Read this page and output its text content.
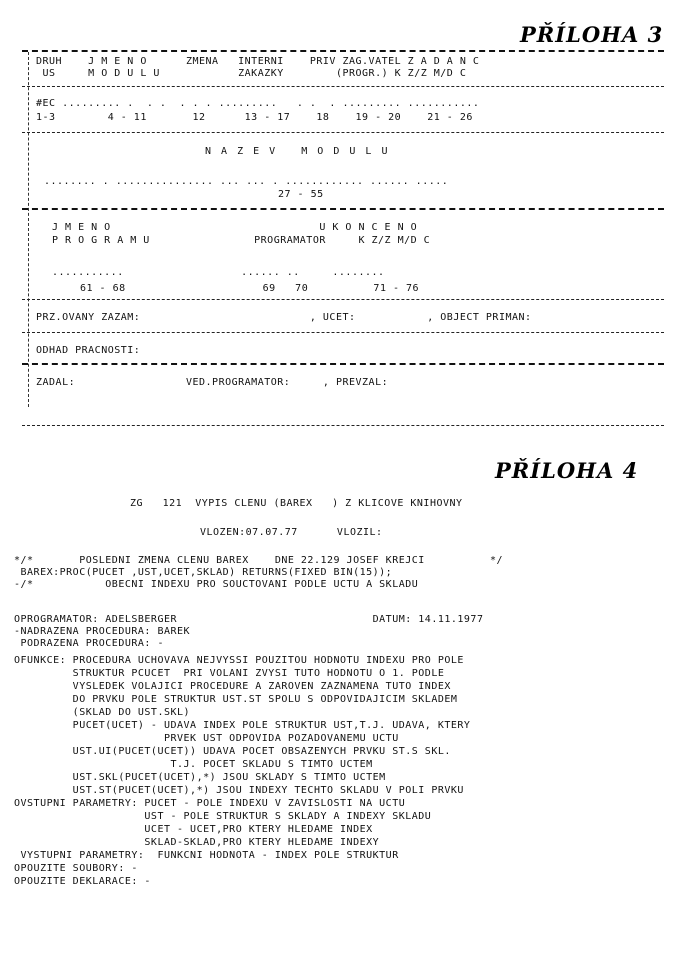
PŘÍLOHA 3
DRUH    J M E N O      ZMENA   INTERNI    PRIV ZAG.VATEL Z A D A N C
US     M O D U L U            ZAKAZKY        (PROGR.) K Z/Z M/D C
#EC ......... .  . .  . . . .........   . .  . ......... ...........
1-3        4 - 11       12      13 - 17    18    19 - 20    21 - 26
N A Z E V   M O D U L U
........ . ............... ... ... . ............ ...... .....
27 - 55
J M E N O                                U K O N C E N O
P R O G R A M U                PROGRAMATOR     K Z/Z M/D C
...........                  ...... ..     ........
61 - 68                     69   70          71 - 76
PRZ.OVANY ZAZAM:                          , UCET:           , OBJECT PRIMAN:
ODHAD PRACNOSTI:
ZADAL:                 VED.PROGRAMATOR:     , PREVZAL:
PŘÍLOHA 4
ZG   121  VYPIS CLENU (BAREX   ) Z KLICOVE KNIHOVNY
VLOZEN:07.07.77      VLOZIL:
*/*       POSLEDNI ZMENA CLENU BAREX    DNE 22.129 JOSEF KREJCI          */
BAREX:PROC(PUCET ,UST,UCET,SKLAD) RETURNS(FIXED BIN(15));
-/*           OBECNI INDEXU PRO SOUCTOVANI PODLE UCTU A SKLADU
OPROGRAMATOR: ADELSBERGER                              DATUM: 14.11.1977
-NADRAZENA PROCEDURA: BAREK
PODRAZENA PROCEDURA: -
OFUNKCE: PROCEDURA UCHOVAVA NEJVYSSI POUZITOU HODNOTU INDEXU PRO POLE
STRUKTUR PCUCET  PRI VOLANI ZVYSI TUTO HODNOTU O 1. PODLE
VYSLEDEK VOLAJICI PROCEDURE A ZAROVEN ZAZNAMENA TUTO INDEX
DO PRVKU POLE STRUKTUR UST.ST SPOLU S ODPOVIDAJICIM SKLADEM
(SKLAD DO UST.SKL)
PUCET(UCET) - UDAVA INDEX POLE STRUKTUR UST,T.J. UDAVA, KTERY
PRVEK UST ODPOVIDA POZADOVANEMU UCTU
UST.UI(PUCET(UCET)) UDAVA POCET OBSAZENYCH PRVKU ST.S SKL.
T.J. POCET SKLADU S TIMTO UCTEM
UST.SKL(PUCET(UCET),*) JSOU SKLADY S TIMTO UCTEM
UST.ST(PUCET(UCET),*) JSOU INDEXY TECHTO SKLADU V POLI PRVKU
OVSTUPNI PARAMETRY: PUCET - POLE INDEXU V ZAVISLOSTI NA UCTU
UST - POLE STRUKTUR S SKLADY A INDEXY SKLADU
UCET - UCET,PRO KTERY HLEDAME INDEX
SKLAD-SKLAD,PRO KTERY HLEDAME INDEXY
VYSTUPNI PARAMETRY:  FUNKCNI HODNOTA - INDEX POLE STRUKTUR
OPOUZITE SOUBORY: -
OPOUZITE DEKLARACE: -
